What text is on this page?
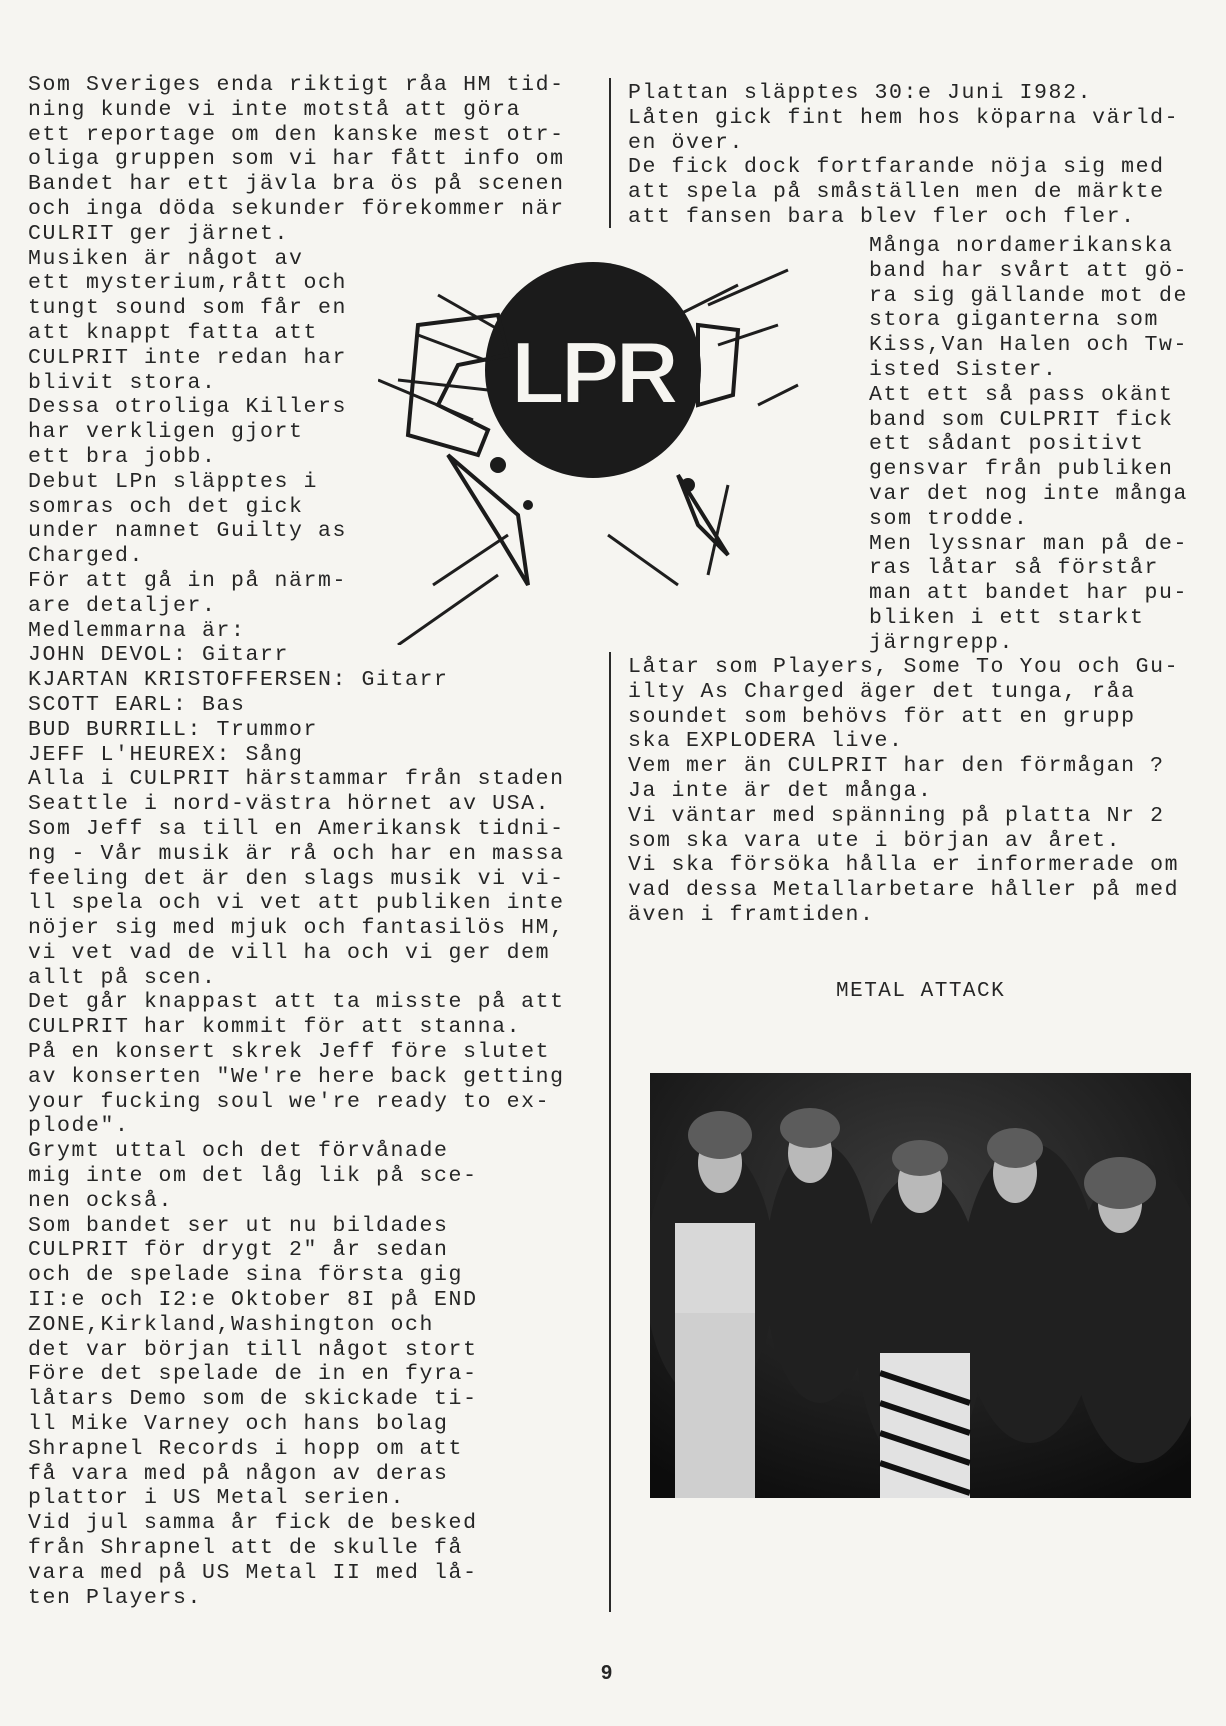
Som Sveriges enda riktigt råa HM tid-
ning kunde vi inte motstå att göra
ett reportage om den kanske mest otr-
oliga gruppen som vi har fått info om
Bandet har ett jävla bra ös på scenen
och inga döda sekunder förekommer när
CULRIT ger järnet.
Musiken är något av
ett mysterium,rått och
tungt sound som får en
att knappt fatta att
CULPRIT inte redan har
blivit stora.
Dessa otroliga Killers
har verkligen gjort
ett bra jobb.
Debut LPn släpptes i
somras och det gick
under namnet Guilty as
Charged.
För att gå in på närm-
are detaljer.
Medlemmarna är:
JOHN DEVOL: Gitarr
KJARTAN KRISTOFFERSEN: Gitarr
SCOTT EARL: Bas
BUD BURRILL: Trummor
JEFF L'HEUREX: Sång
Alla i CULPRIT härstammar från staden
Seattle i nord-västra hörnet av USA.
Som Jeff sa till en Amerikansk tidni-
ng - Vår musik är rå och har en massa
feeling det är den slags musik vi vi-
ll spela och vi vet att publiken inte
nöjer sig med mjuk och fantasilös HM,
vi vet vad de vill ha och vi ger dem
allt på scen.
Det går knappast att ta misste på att
CULPRIT har kommit för att stanna.
På en konsert skrek Jeff före slutet
av konserten "We're here back getting
your fucking soul we're ready to ex-
plode".
Grymt uttal och det förvånade
mig inte om det låg lik på sce-
nen också.
Som bandet ser ut nu bildades
CULPRIT för drygt 2" år sedan
och de spelade sina första gig
II:e och I2:e Oktober 8I på END
ZONE,Kirkland,Washington och
det var början till något stort
Före det spelade de in en fyra-
låtars Demo som de skickade ti-
ll Mike Varney och hans bolag
Shrapnel Records i hopp om att
få vara med på någon av deras
plattor i US Metal serien.
Vid jul samma år fick de besked
från Shrapnel att de skulle få
vara med på US Metal II med lå-
ten Players.
Plattan släpptes 30:e Juni I982.
Låten gick fint hem hos köparna värld-
en över.
De fick dock fortfarande nöja sig med
att spela på småställen men de märkte
att fansen bara blev fler och fler.
Många nordamerikanska
band har svårt att gö-
ra sig gällande mot de
stora giganterna som
Kiss,Van Halen och Tw-
isted Sister.
Att ett så pass okänt
band som CULPRIT fick
ett sådant positivt
gensvar från publiken
var det nog inte många
som trodde.
Men lyssnar man på de-
ras låtar så förstår
man att bandet har pu-
bliken i ett starkt
järngrepp.
Låtar som Players, Some To You och Gu-
ilty As Charged äger det tunga, råa
soundet som behövs för att en grupp
ska EXPLODERA live.
Vem mer än CULPRIT har den förmågan ?
Ja inte är det många.
Vi väntar med spänning på platta Nr 2
som ska vara ute i början av året.
Vi ska försöka hålla er informerade om
vad dessa Metallarbetare håller på med
även i framtiden.
METAL ATTACK
LPR
9
